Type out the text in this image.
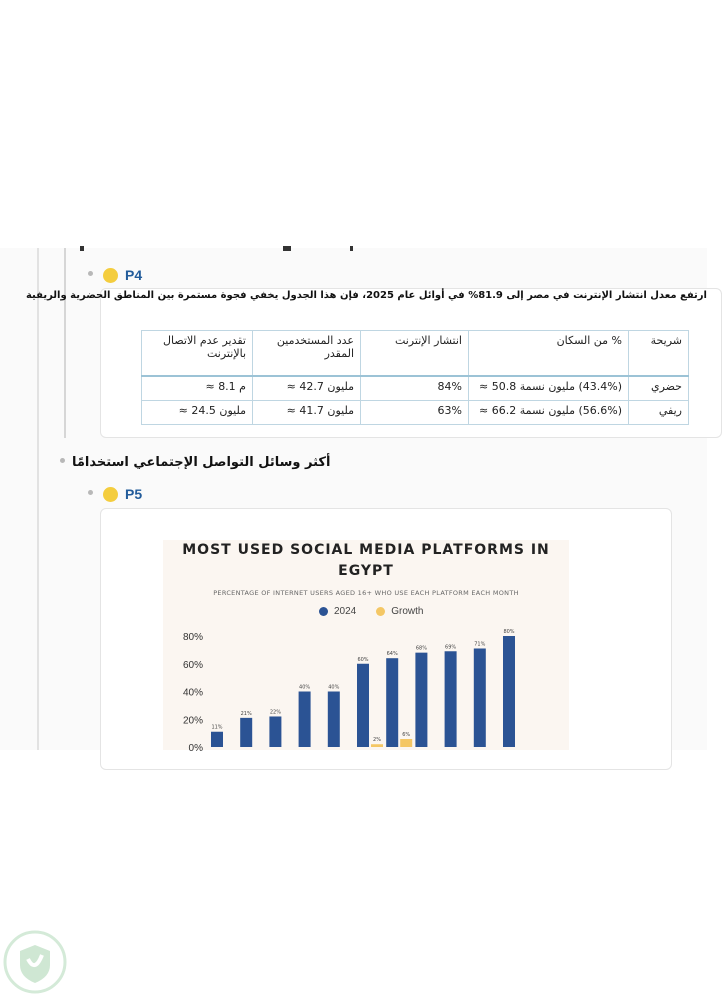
P4
ارتفع معدل انتشار الإنترنت في مصر إلى 81.9% في أوائل عام 2025، فإن هذا الجدول يخفي فجوة مستمرة بين المناطق الحضرية والريفية
شريحة	% من السكان	انتشار الإنترنت	عدد المستخدمين المقدر	تقدير عدم الاتصال بالإنترنت
حضري	(43.4%) مليون نسمة 50.8 ≈	84%	مليون 42.7 ≈	م 8.1 ≈
ريفي	(56.6%) مليون نسمة 66.2 ≈	63%	مليون 41.7 ≈	مليون 24.5 ≈
أكثر وسائل التواصل الإجتماعي استخدامًا
P5
MOST USED SOCIAL MEDIA PLATFORMS IN
EGYPT
PERCENTAGE OF INTERNET USERS AGED 16+ WHO USE EACH PLATFORM EACH MONTH
2024	Growth
80%
60%
40%
20%
0%
11%
21%	22%
40%	40%
60%
2%
64%
6%
68%	69%	71%
80%
